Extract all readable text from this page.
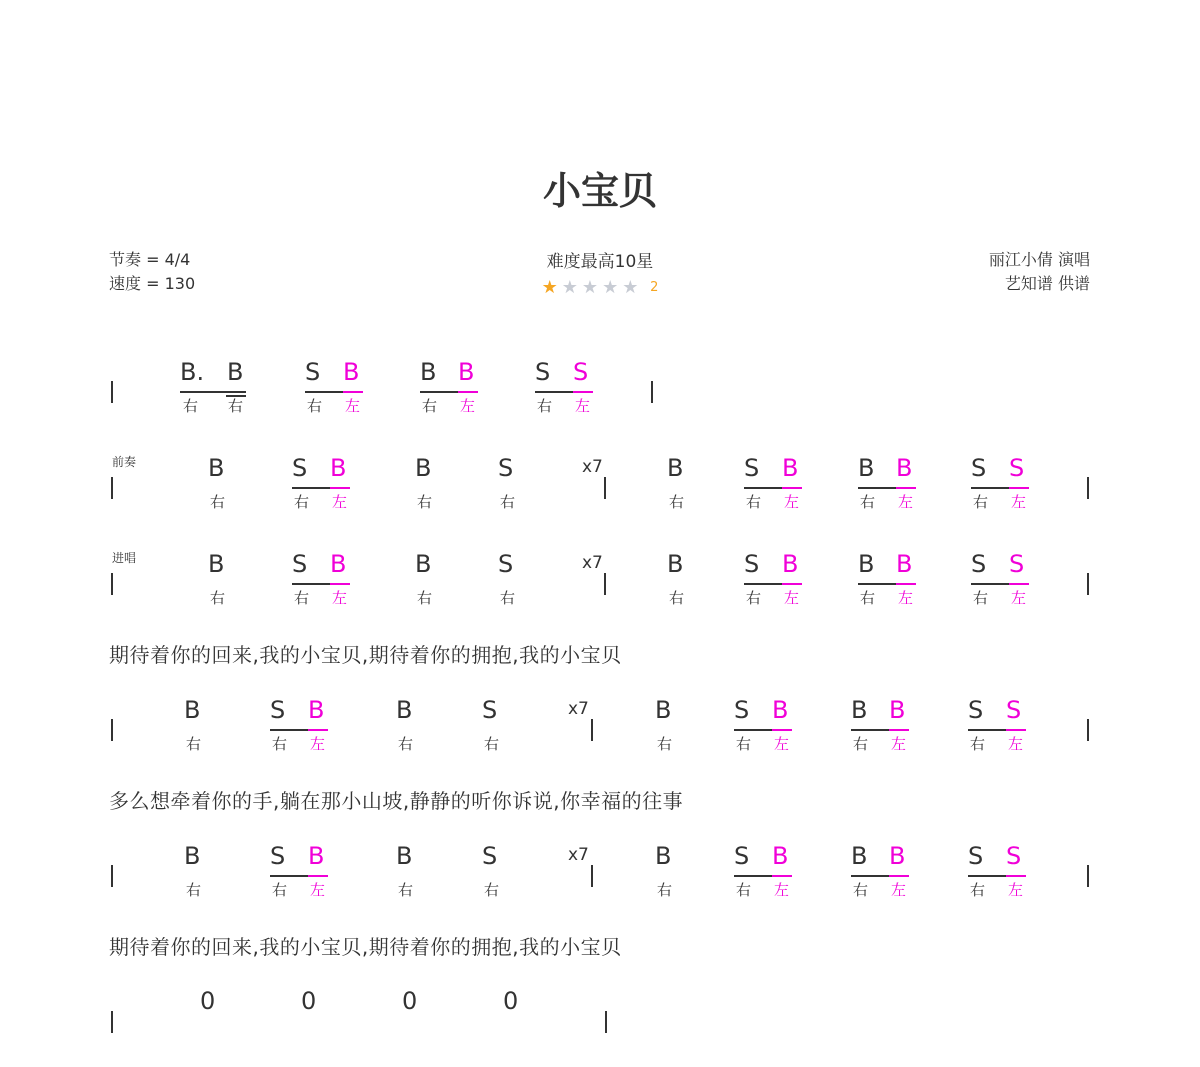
小宝贝
节奏 = 4/4
速度 = 130
难度最高10星
★★★★★ 2
丽江小倩 演唱
艺知谱 供谱
B.
右
B
右
S B
右 左
B B
右 左
S S
右 左
前奏	B
右
S B
右 左
B
右
S
右
x7	B
右
S B
右 左
B B
右 左
S S
右 左
进唱	B
右
S B
右 左
B
右
S
右
x7	B
右
S B
右 左
B B
右 左
S S
右 左
B
右
S B
右 左
B
右
S
右
x7	B
右
S B
右 左
B B
右 左
S S
右 左
B
右
S B
右 左
B
右
S
右
x7	B
右
S B
右 左
B B
右 左
S S
右 左
0	0	0	0
期待着你的回来,我的小宝贝,期待着你的拥抱,我的小宝贝
多么想牵着你的手,躺在那小山坡,静静的听你诉说,你幸福的往事
期待着你的回来,我的小宝贝,期待着你的拥抱,我的小宝贝
